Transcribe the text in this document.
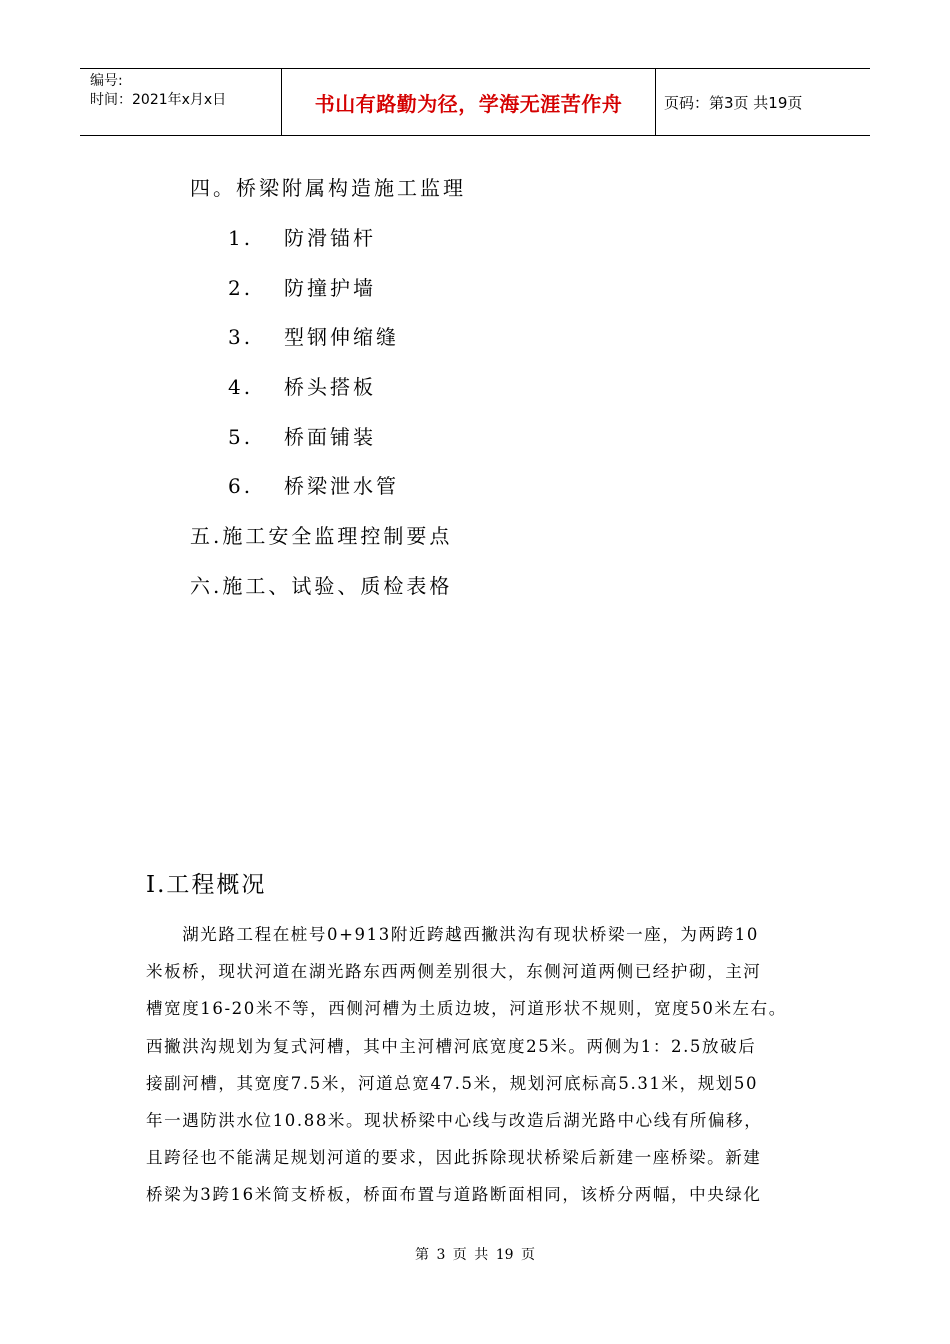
编号:
时间：2021年x月x日	书山有路勤为径，学海无涯苦作舟	页码：第3页 共19页
四。桥梁附属构造施工监理
1. 防滑锚杆
2. 防撞护墙
3. 型钢伸缩缝
4. 桥头搭板
5. 桥面铺装
6. 桥梁泄水管
五.施工安全监理控制要点
六.施工、试验、质检表格
Ⅰ.工程概况
　　湖光路工程在桩号0+913附近跨越西撇洪沟有现状桥梁一座，为两跨10
米板桥，现状河道在湖光路东西两侧差别很大，东侧河道两侧已经护砌，主河
槽宽度16-20米不等，西侧河槽为土质边坡，河道形状不规则，宽度50米左右。
西撇洪沟规划为复式河槽，其中主河槽河底宽度25米。两侧为1：2.5放破后
接副河槽，其宽度7.5米，河道总宽47.5米，规划河底标高5.31米，规划50
年一遇防洪水位10.88米。现状桥梁中心线与改造后湖光路中心线有所偏移，
且跨径也不能满足规划河道的要求，因此拆除现状桥梁后新建一座桥梁。新建
桥梁为3跨16米简支桥板，桥面布置与道路断面相同，该桥分两幅，中央绿化
第 3 页 共 19 页
